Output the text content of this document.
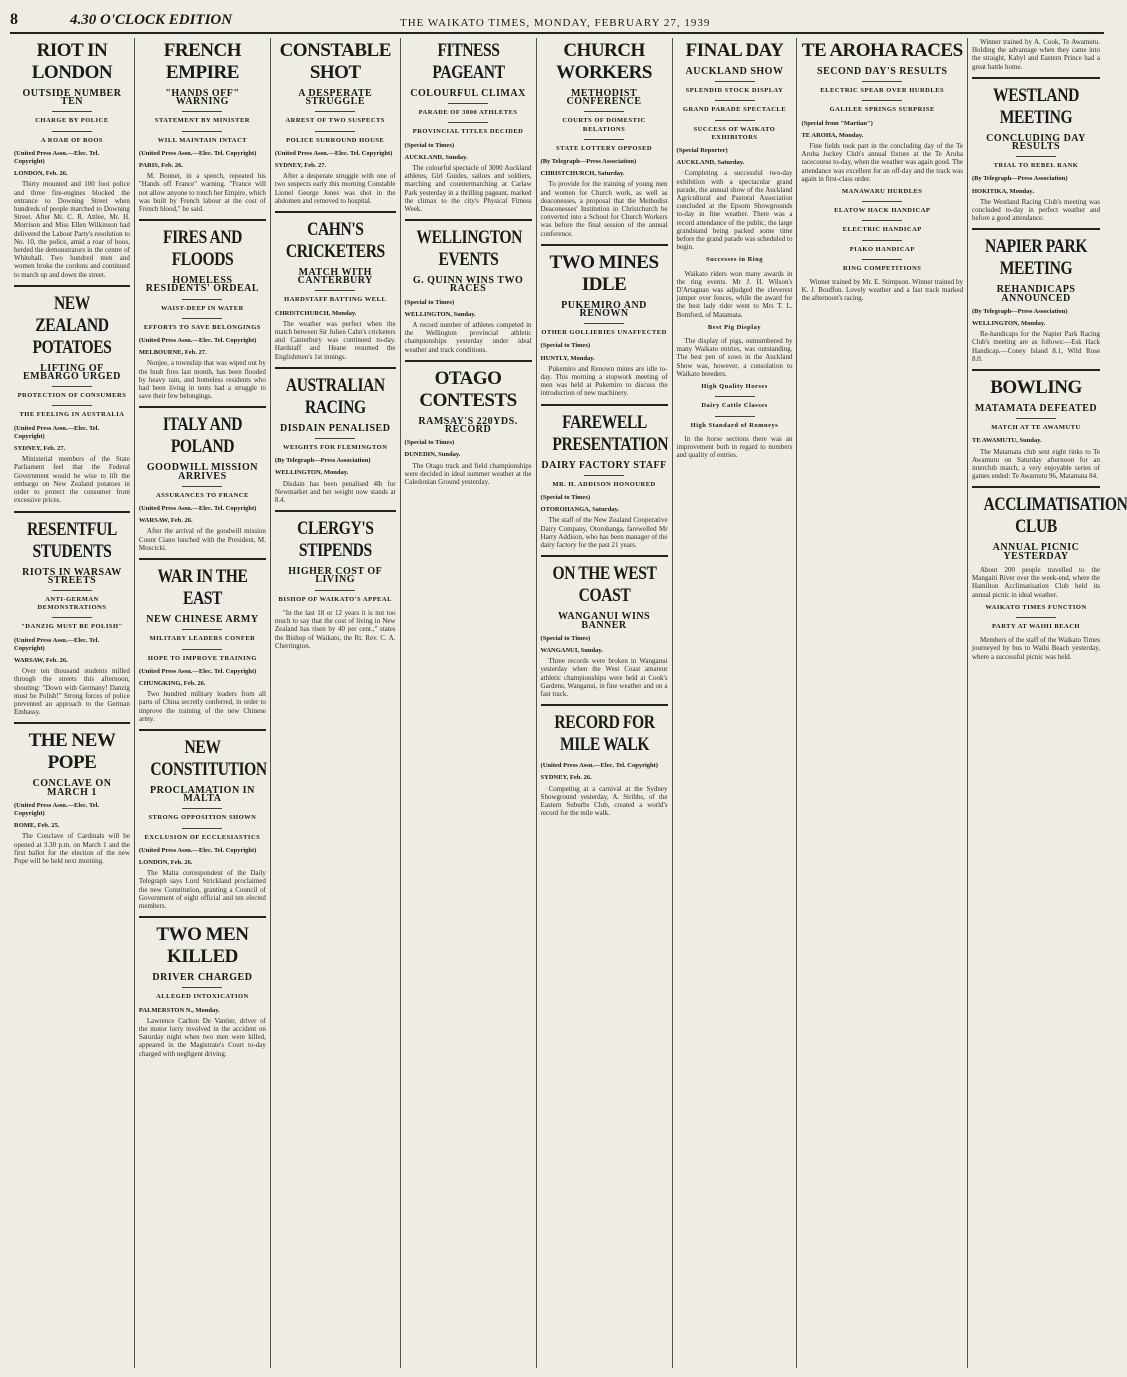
8	4.30 O'CLOCK EDITION	THE WAIKATO TIMES, MONDAY, FEBRUARY 27, 1939
RIOT IN LONDON
OUTSIDE NUMBER TEN
CHARGE BY POLICE
A ROAR OF BOOS
(United Press Assn.—Elec. Tel. Copyright)
LONDON, Feb. 26.

Thirty mounted and 100 foot police and three fire-engines blocked the entrance to Downing Street when hundreds of people marched to Downing Street. After Mr. C. R. Attlee, Mr. H. Morrison and Miss Ellen Wilkinson had delivered the Labour Party's resolution to No. 10, the police, amid a roar of boos, herded the demonstrators in the centre of Whitehall. Two hundred men and women broke the cordons and continued to march up and down the street.

NEW ZEALAND POTATOES
LIFTING OF EMBARGO URGED
PROTECTION OF CONSUMERS
THE FEELING IN AUSTRALIA
(United Press Assn.—Elec. Tel. Copyright)
SYDNEY, Feb. 27.

Ministerial members of the State Parliament feel that the Federal Government would be wise to lift the embargo on New Zealand potatoes in order to protect the consumer from excessive prices.

RESENTFUL STUDENTS
RIOTS IN WARSAW STREETS
ANTI-GERMAN DEMONSTRATIONS
"DANZIG MUST BE POLISH"
(United Press Assn.—Elec. Tel. Copyright)
WARSAW, Feb. 26.

Over ten thousand students milled through the streets this afternoon, shouting: "Down with Germany! Danzig must be Polish!" Strong forces of police prevented an approach to the German Embassy.

THE NEW POPE
CONCLAVE ON MARCH 1
(United Press Assn.—Elec. Tel. Copyright)
ROME, Feb. 25.

The Conclave of Cardinals will be opened at 3.30 p.m. on March 1 and the first ballot for the election of the new Pope will be held next morning.

FRENCH EMPIRE
"HANDS OFF" WARNING
STATEMENT BY MINISTER
WILL MAINTAIN INTACT
(United Press Assn.—Elec. Tel. Copyright)
PARIS, Feb. 26.

M. Bonnet, in a speech, repeated his "Hands off France" warning. "France will not allow anyone to touch her Empire, which was built by French labour at the cost of French blood," he said.

FIRES AND FLOODS
HOMELESS RESIDENTS' ORDEAL
WAIST-DEEP IN WATER
EFFORTS TO SAVE BELONGINGS
(United Press Assn.—Elec. Tel. Copyright)
MELBOURNE, Feb. 27.

Nonjee, a township that was wiped out by the bush fires last month, has been flooded by heavy rain, and homeless residents who had been living in tents had a struggle to save their few belongings.

ITALY AND POLAND
GOODWILL MISSION ARRIVES
ASSURANCES TO FRANCE
(United Press Assn.—Elec. Tel. Copyright)
WARSAW, Feb. 26.

After the arrival of the goodwill mission Count Ciano lunched with the President, M. Moscicki.

WAR IN THE EAST
NEW CHINESE ARMY
MILITARY LEADERS CONFER
HOPE TO IMPROVE TRAINING
(United Press Assn.—Elec. Tel. Copyright)
CHUNGKING, Feb. 26.

Two hundred military leaders from all parts of China secretly conferred, in order to improve the training of the new Chinese army.

NEW CONSTITUTION
PROCLAMATION IN MALTA
STRONG OPPOSITION SHOWN
EXCLUSION OF ECCLESIASTICS
(United Press Assn.—Elec. Tel. Copyright)
LONDON, Feb. 26.

The Malta correspondent of the Daily Telegraph says Lord Strickland proclaimed the new Constitution, granting a Council of Government of eight official and ten elected members.

TWO MEN KILLED
DRIVER CHARGED
ALLEGED INTOXICATION
PALMERSTON N., Monday.

Lawrence Carlton De Vantier, driver of the motor lorry involved in the accident on Saturday night when two men were killed, appeared in the Magistrate's Court to-day charged with negligent driving.

CONSTABLE SHOT
A DESPERATE STRUGGLE
ARREST OF TWO SUSPECTS
POLICE SURROUND HOUSE
(United Press Assn.—Elec. Tel. Copyright)
SYDNEY, Feb. 27.

After a desperate struggle with one of two suspects early this morning Constable Lionel George Jones was shot in the abdomen and removed to hospital.

CAHN'S CRICKETERS
MATCH WITH CANTERBURY
HARDSTAFF BATTING WELL
CHRISTCHURCH, Monday.

The weather was perfect when the match between Sir Julien Cahn's cricketers and Canterbury was continued to-day. Hardstaff and Heane resumed the Englishmen's 1st innings.

AUSTRALIAN RACING
DISDAIN PENALISED
WEIGHTS FOR FLEMINGTON
(By Telegraph—Press Association)
WELLINGTON, Monday.

Disdain has been penalised 4lb for Newmarket and her weight now stands at 8.4.

CLERGY'S STIPENDS
HIGHER COST OF LIVING
BISHOP OF WAIKATO'S APPEAL

"In the last 18 or 12 years it is not too much to say that the cost of living in New Zealand has risen by 40 per cent.," states the Bishop of Waikato, the Rt. Rev. C. A. Cherrington.

FITNESS PAGEANT
COLOURFUL CLIMAX
PARADE OF 3000 ATHLETES
PROVINCIAL TITLES DECIDED
(Special to Times)
AUCKLAND, Sunday.

The colourful spectacle of 3000 Auckland athletes, Girl Guides, sailors and soldiers, marching and countermarching at Carlaw Park yesterday in a thrilling pageant, marked the climax to the city's Physical Fitness Week.

WELLINGTON EVENTS
G. QUINN WINS TWO RACES
(Special to Times)
WELLINGTON, Sunday.

A record number of athletes competed in the Wellington provincial athletic championships yesterday under ideal weather and track conditions.

OTAGO CONTESTS
RAMSAY'S 220YDS. RECORD
(Special to Times)
DUNEDIN, Sunday.

The Otago track and field championships were decided in ideal summer weather at the Caledonian Ground yesterday.

CHURCH WORKERS
METHODIST CONFERENCE
COURTS OF DOMESTIC RELATIONS
STATE LOTTERY OPPOSED
(By Telegraph—Press Association)
CHRISTCHURCH, Saturday.

To provide for the training of young men and women for Church work, as well as deaconesses, a proposal that the Methodist Deaconesses' Institution in Christchurch be converted into a School for Church Workers was before the final session of the annual conference.

TWO MINES IDLE
PUKEMIRO AND RENOWN
OTHER GOLLIERIES UNAFFECTED
(Special to Times)
HUNTLY, Monday.

Pukemiro and Renown mines are idle to-day. This morning a stopwork meeting of men was held at Pukemiro to discuss the introduction of new machinery.

FAREWELL PRESENTATION
DAIRY FACTORY STAFF
MR. H. ADDISON HONOURED
(Special to Times)
OTOROHANGA, Saturday.

The staff of the New Zealand Cooperative Dairy Company, Otorohanga, farewelled Mr Harry Addison, who has been manager of the dairy factory for the past 21 years.

ON THE WEST COAST
WANGANUI WINS BANNER
(Special to Times)
WANGANUI, Sunday.

Three records were broken in Wanganui yesterday when the West Coast amateur athletic championships were held at Cook's Gardens, Wanganui, in fine weather and on a fast track.

RECORD FOR MILE WALK
(United Press Assn.—Elec. Tel. Copyright)
SYDNEY, Feb. 26.

Competing at a carnival at the Sydney Showground yesterday, A. Stribbs, of the Eastern Suburbs Club, created a world's record for the mile walk.

FINAL DAY
AUCKLAND SHOW
SPLENDID STOCK DISPLAY
GRAND PARADE SPECTACLE
SUCCESS OF WAIKATO EXHIBITORS
(Special Reporter)
AUCKLAND, Saturday.

Completing a successful two-day exhibition with a spectacular grand parade, the annual show of the Auckland Agricultural and Pastoral Association concluded at the Epsom Showgrounds to-day in fine weather. There was a record attendance of the public, the large grandstand being packed some time before the grand parade was scheduled to begin.

Successes in Ring

Waikato riders won many awards in the ring events. Mr J. H. Wilson's D'Artagnan was adjudged the cleverest jumper over fences, while the award for the best lady rider went to Mrs T. L. Bomford, of Matamata.

Best Pig Display

The display of pigs, outnumbered by many Waikato entries, was outstanding. The best pen of sows in the Auckland Show was, however, a consolation to Waikato breeders.

High Quality Horses
Dairy Cattle Classes
High Standard of Romneys

In the horse sections there was an improvement both in regard to numbers and quality of entries.

TE AROHA RACES
SECOND DAY'S RESULTS
ELECTRIC SPEAR OVER HURDLES
GALILEE SPRINGS SURPRISE
(Special from "Martian")
TE AROHA, Monday.

Fine fields took part in the concluding day of the Te Aroha Jockey Club's annual fixture at the Te Aroha racecourse to-day, when the weather was again good. The attendance was excellent for an off-day and the track was again in first-class order.

MANAWARU HURDLES
ELATOW HACK HANDICAP
ELECTRIC HANDICAP
PIAKO HANDICAP
RING COMPETITIONS

Winner trained by Mr. E. Stimpson. Winner trained by K. J. Bouffon. Lovely weather and a fast track marked the afternoon's racing.

Winner trained by A. Cook, Te Awamutu. Holding the advantage when they came into the straight, Kabyl and Eastern Prince had a great battle home.

WESTLAND MEETING
CONCLUDING DAY RESULTS
TRIAL TO REBEL RANK
(By Telegraph—Press Association)
HOKITIKA, Monday.

The Westland Racing Club's meeting was concluded to-day in perfect weather and before a good attendance.

NAPIER PARK MEETING
REHANDICAPS ANNOUNCED
(By Telegraph—Press Association)
WELLINGTON, Monday.

Re-handicaps for the Napier Park Racing Club's meeting are as follows:—Esk Hack Handicap.—Coney Island 8.1, Wild Rose 8.0.

BOWLING
MATAMATA DEFEATED
MATCH AT TE AWAMUTU
TE AWAMUTU, Sunday.

The Matamata club sent eight rinks to Te Awamutu on Saturday afternoon for an interclub match, a very enjoyable series of games ended: Te Awamutu 96, Matamata 84.

ACCLIMATISATION CLUB
ANNUAL PICNIC YESTERDAY

About 200 people travelled to the Mangaiti River over the week-end, where the Hamilton Acclimatisation Club held its annual picnic in ideal weather.

WAIKATO TIMES FUNCTION
PARTY AT WAIHI BEACH

Members of the staff of the Waikato Times journeyed by bus to Waihi Beach yesterday, where a successful picnic was held.
